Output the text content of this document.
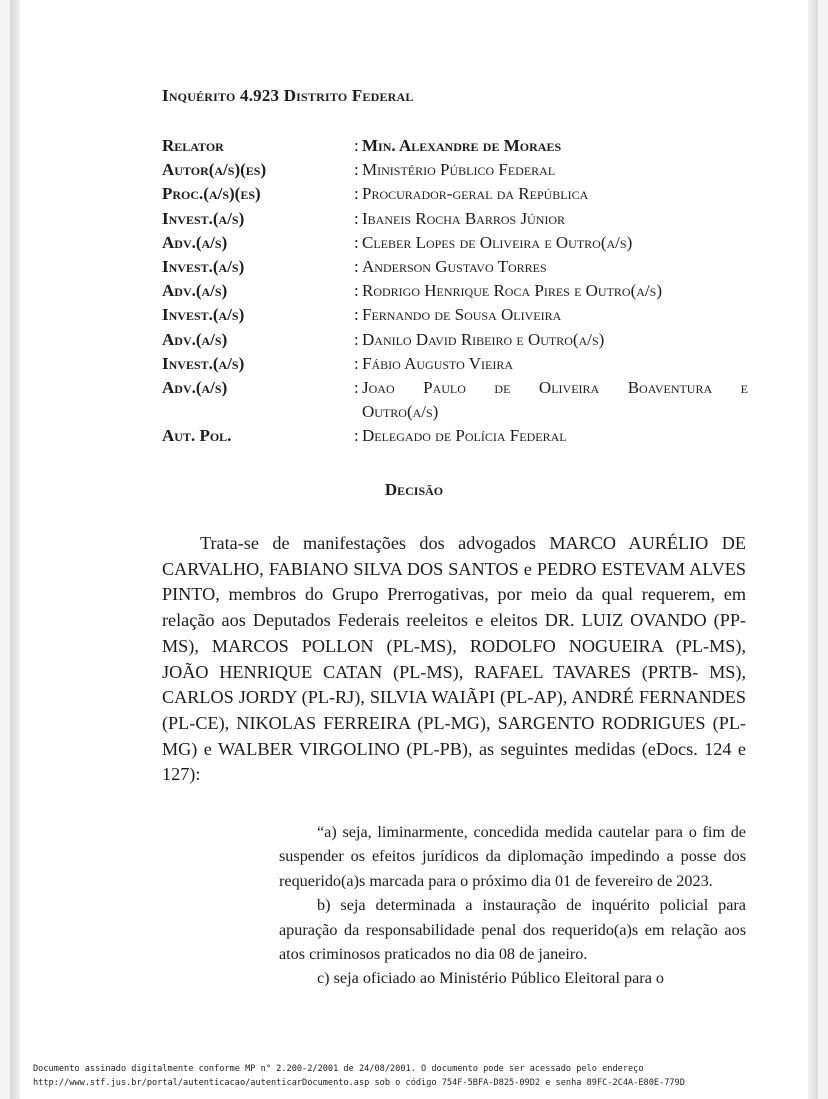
Inquérito 4.923 Distrito Federal
Relator	: Min. Alexandre de Moraes
Autor(a/s)(es)	: Ministério Público Federal
Proc.(a/s)(es)	: Procurador-geral da República
Invest.(a/s)	: Ibaneis Rocha Barros Júnior
Adv.(a/s)	: Cleber Lopes de Oliveira e Outro(a/s)
Invest.(a/s)	: Anderson Gustavo Torres
Adv.(a/s)	: Rodrigo Henrique Roca Pires e Outro(a/s)
Invest.(a/s)	: Fernando de Sousa Oliveira
Adv.(a/s)	: Danilo David Ribeiro e Outro(a/s)
Invest.(a/s)	: Fábio Augusto Vieira
Adv.(a/s)	: Joao Paulo de Oliveira Boaventura e
Outro(a/s)
Aut. Pol.	: Delegado de Polícia Federal
Decisão
Trata-se de manifestações dos advogados MARCO AURÉLIO DE CARVALHO, FABIANO SILVA DOS SANTOS e PEDRO ESTEVAM ALVES PINTO, membros do Grupo Prerrogativas, por meio da qual requerem, em relação aos Deputados Federais reeleitos e eleitos DR. LUIZ OVANDO (PP-MS), MARCOS POLLON (PL-MS), RODOLFO NOGUEIRA (PL-MS), JOÃO HENRIQUE CATAN (PL-MS), RAFAEL TAVARES (PRTB- MS), CARLOS JORDY (PL-RJ), SILVIA WAIÃPI (PL-AP), ANDRÉ FERNANDES (PL-CE), NIKOLAS FERREIRA (PL-MG), SARGENTO RODRIGUES (PL-MG) e WALBER VIRGOLINO (PL-PB), as seguintes medidas (eDocs. 124 e 127):

“a) seja, liminarmente, concedida medida cautelar para o fim de suspender os efeitos jurídicos da diplomação impedindo a posse dos requerido(a)s marcada para o próximo dia 01 de fevereiro de 2023.

b) seja determinada a instauração de inquérito policial para apuração da responsabilidade penal dos requerido(a)s em relação aos atos criminosos praticados no dia 08 de janeiro.

c) seja oficiado ao Ministério Público Eleitoral para o

Documento assinado digitalmente conforme MP n° 2.200-2/2001 de 24/08/2001. O documento pode ser acessado pelo endereço
http://www.stf.jus.br/portal/autenticacao/autenticarDocumento.asp sob o código 754F-5BFA-D825-09D2 e senha 89FC-2C4A-E80E-779D
